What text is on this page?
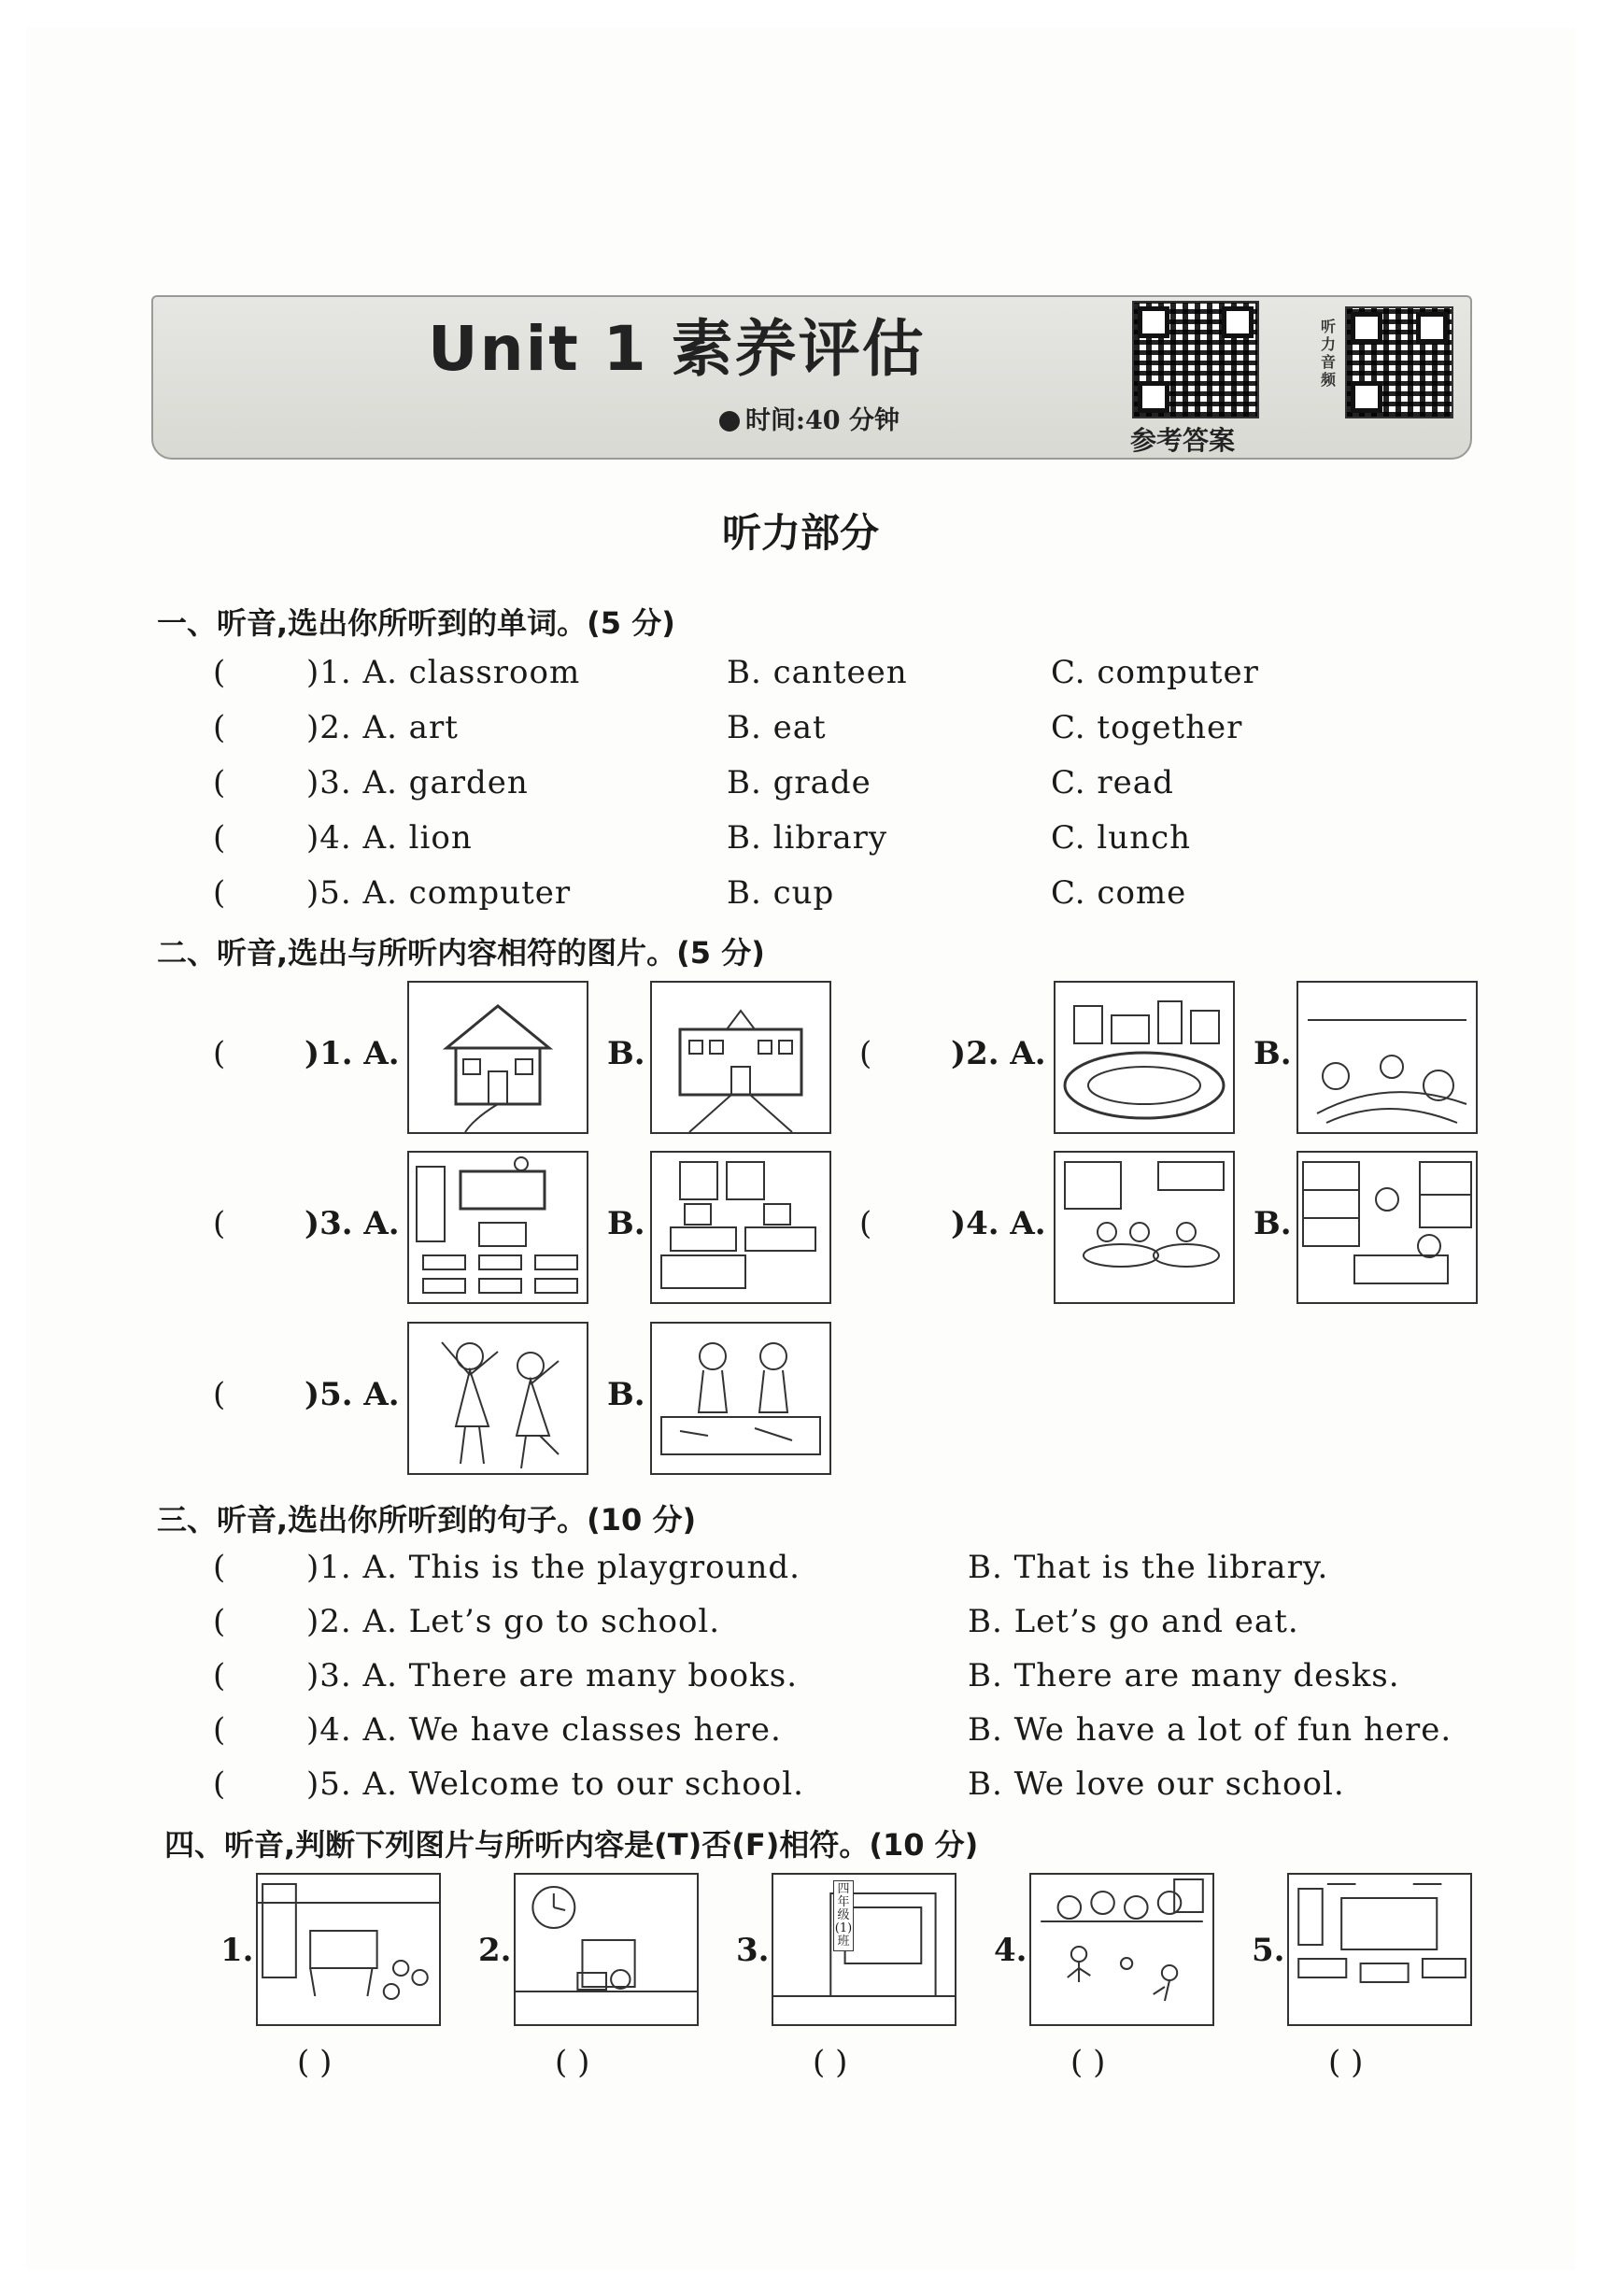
Unit 1 素养评估
时间:40 分钟
参考答案
听力音频
听力部分
一、听音,选出你所听到的单词。(5 分)
二、听音,选出与所听内容相符的图片。(5 分)
三、听音,选出你所听到的句子。(10 分)
四、听音,判断下列图片与所听内容是(T)否(F)相符。(10 分)
(	)1. A. classroom	B. canteen	C. computer
(	)2. A. art	B. eat	C. together
(	)3. A. garden	B. grade	C. read
(	)4. A. lion	B. library	C. lunch
(	)5. A. computer	B. cup	C. come
( )1. A.	B.	( )2. A.	B.
( )3. A.	B.	( )4. A.	B.
( )5. A.	B.
(	)1. A. This is the playground.	B. That is the library.
(	)2. A. Let’s go to school.	B. Let’s go and eat.
(	)3. A. There are many books.	B. There are many desks.
(	)4. A. We have classes here.	B. We have a lot of fun here.
(	)5. A. Welcome to our school.	B. We love our school.
1.
( )
2.
( )
3.
四年级(1)班
( )
4.
( )
5.
( )
